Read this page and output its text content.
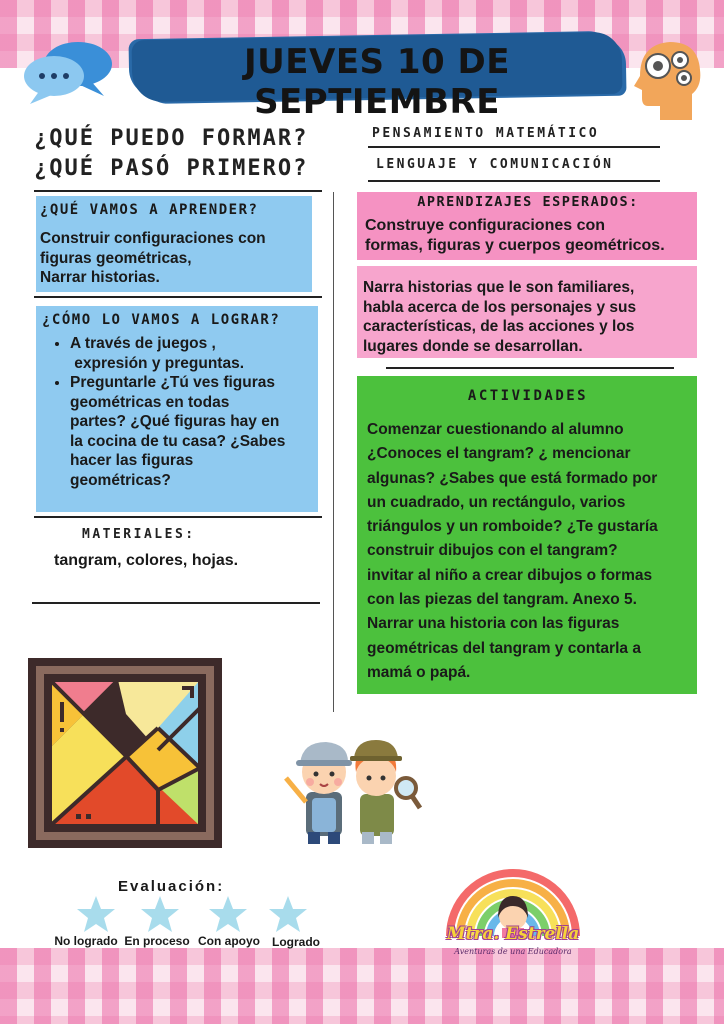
JUEVES 10 DE SEPTIEMBRE
¿QUÉ PUEDO FORMAR?
¿QUÉ PASÓ PRIMERO?
PENSAMIENTO MATEMÁTICO
LENGUAJE Y COMUNICACIÓN
¿QUÉ VAMOS A APRENDER?
Construir configuraciones con
figuras geométricas,
Narrar historias.
¿CÓMO LO VAMOS A LOGRAR?
• A través de juegos ,
expresión y preguntas.
• Preguntarle ¿Tú ves figuras
geométricas en todas
partes? ¿Qué figuras hay en
la cocina de tu casa? ¿Sabes
hacer las figuras
geométricas?
MATERIALES:
tangram, colores, hojas.
APRENDIZAJES ESPERADOS:
Construye configuraciones con
formas, figuras y cuerpos geométricos.
Narra historias que le son familiares,
habla acerca de los personajes y sus
características, de las acciones y los
lugares donde se desarrollan.
ACTIVIDADES
Comenzar cuestionando al alumno
¿Conoces el tangram? ¿ mencionar
algunas? ¿Sabes que está formado por
un cuadrado, un rectángulo, varios
triángulos y un romboide? ¿Te gustaría
construir dibujos con el tangram?
invitar al niño a crear dibujos o formas
con las piezas del tangram. Anexo 5.
Narrar una historia con las figuras
geométricas del tangram y contarla a
mamá o papá.
Evaluación:
No logrado En proceso Con apoyo	Logrado	Mtra. Estrella
Aventuras de una Educadora
